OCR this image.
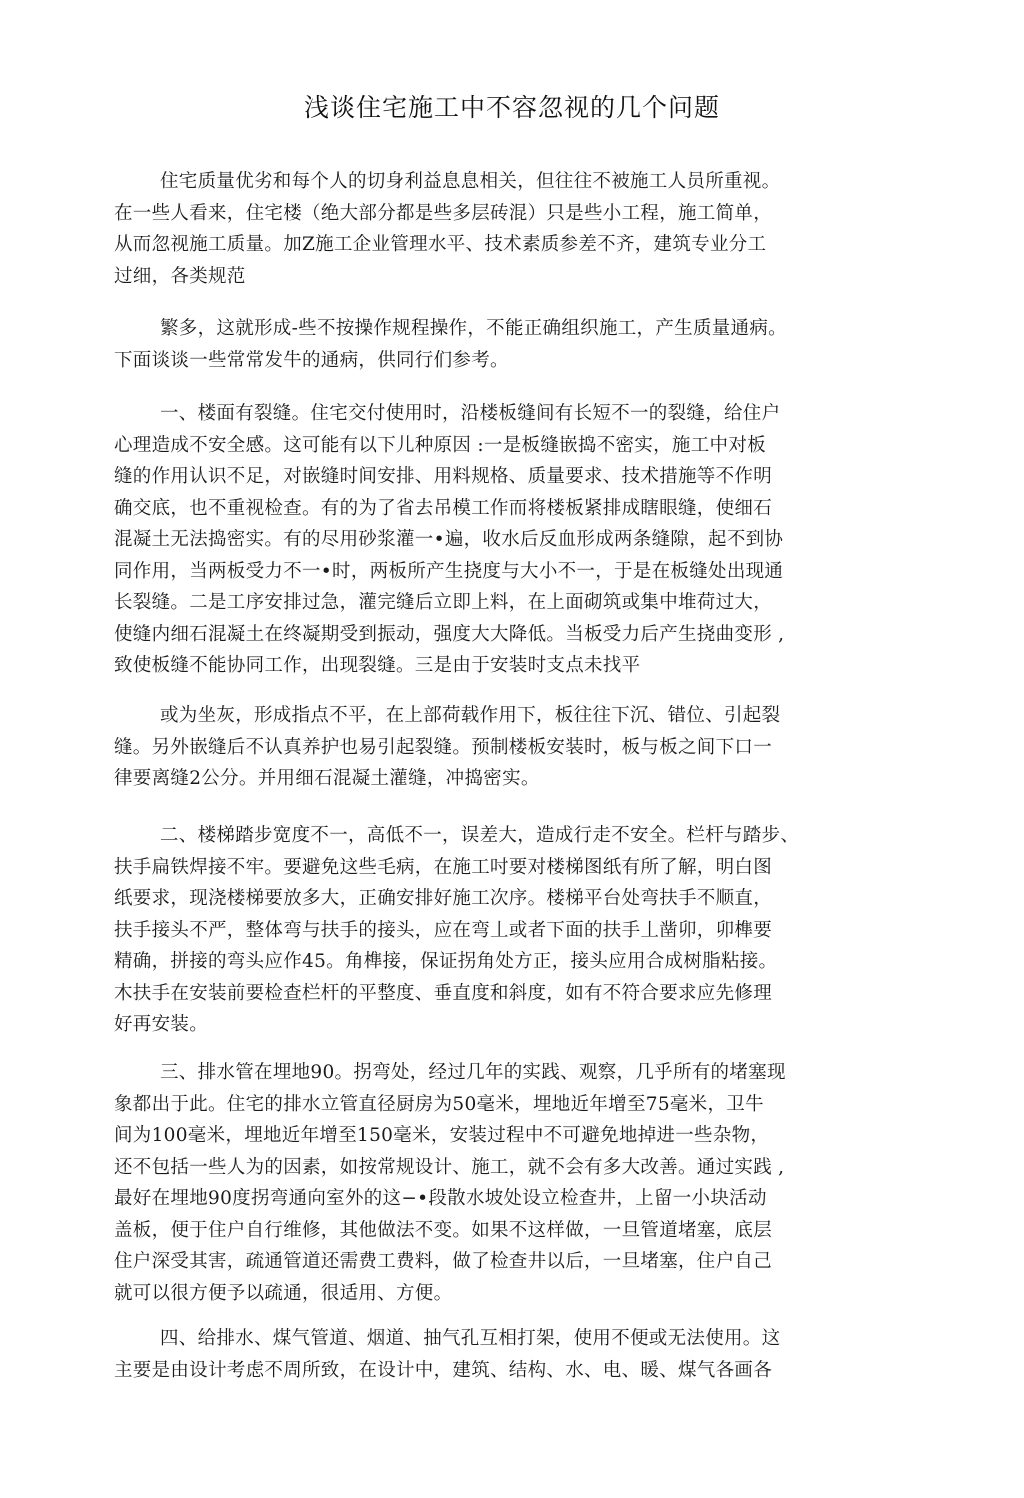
浅谈住宅施工中不容忽视的几个问题
住宅质量优劣和每个人的切身利益息息相关，但往往不被施工人员所重视。
在一些人看来，住宅楼（绝大部分都是些多层砖混）只是些小工程，施工简单，
从而忽视施工质量。加Z施工企业管理水平、技术素质参差不齐，建筑专业分工
过细，各类规范
繁多，这就形成-些不按操作规程操作，不能正确组织施工，产生质量通病。
下面谈谈一些常常发牛的通病，供同行们参考。
一、楼面有裂缝。住宅交付使用时，沿楼板缝间有长短不一的裂缝，给住户
心理造成不安全感。这可能有以下儿种原因 :一是板缝嵌捣不密实，施工中对板
缝的作用认识不足，对嵌缝时间安排、用料规格、质量要求、技术措施等不作明
确交底，也不重视检查。有的为了省去吊模工作而将楼板紧排成瞎眼缝，使细石
混凝土无法捣密实。有的尽用砂浆灌一•遍，收水后反血形成两条缝隙，起不到协
同作用，当两板受力不一•时，两板所产生挠度与大小不一，于是在板缝处出现通
长裂缝。二是工序安排过急，灌完缝后立即上料，在上面砌筑或集中堆荷过大，
使缝内细石混凝土在终凝期受到振动，强度大大降低。当板受力后产生挠曲变形 ,
致使板缝不能协同工作，出现裂缝。三是由于安装时支点未找平
或为坐灰，形成指点不平，在上部荷载作用下，板往往下沉、错位、引起裂
缝。另外嵌缝后不认真养护也易引起裂缝。预制楼板安装时，板与板之间下口一
律要离缝2公分。并用细石混凝土灌缝，冲捣密实。
二、楼梯踏步宽度不一，高低不一，误差大，造成行走不安全。栏杆与踏步、
扶手扁铁焊接不牢。要避免这些毛病，在施工吋要对楼梯图纸有所了解，明白图
纸要求，现浇楼梯要放多大，正确安排好施工次序。楼梯平台处弯扶手不顺直，
扶手接头不严，整体弯与扶手的接头，应在弯丄或者下面的扶手丄凿卯，卯榫要
精确，拼接的弯头应作45。角榫接，保证拐角处方正，接头应用合成树脂粘接。
木扶手在安装前要检查栏杆的平整度、垂直度和斜度，如有不符合要求应先修理
好再安装。
三、排水管在埋地90。拐弯处，经过几年的实践、观察，几乎所有的堵塞现
象都出于此。住宅的排水立管直径厨房为50毫米，埋地近年增至75毫米，卫牛
间为100毫米，埋地近年增至150毫米，安装过程中不可避免地掉进一些杂物，
还不包括一些人为的因素，如按常规设计、施工，就不会有多大改善。通过实践 ,
最好在埋地90度拐弯通向室外的这−•段散水坡处设立检查井，上留一小块活动
盖板，便于住户自行维修，其他做法不变。如果不这样做，一旦管道堵塞，底层
住户深受其害，疏通管道还需费工费料，做了检查井以后，一旦堵塞，住户自己
就可以很方便予以疏通，很适用、方便。
四、给排水、煤气管道、烟道、抽气孔互相打架，使用不便或无法使用。这
主要是由设计考虑不周所致，在设计中，建筑、结构、水、电、暖、煤气各画各
